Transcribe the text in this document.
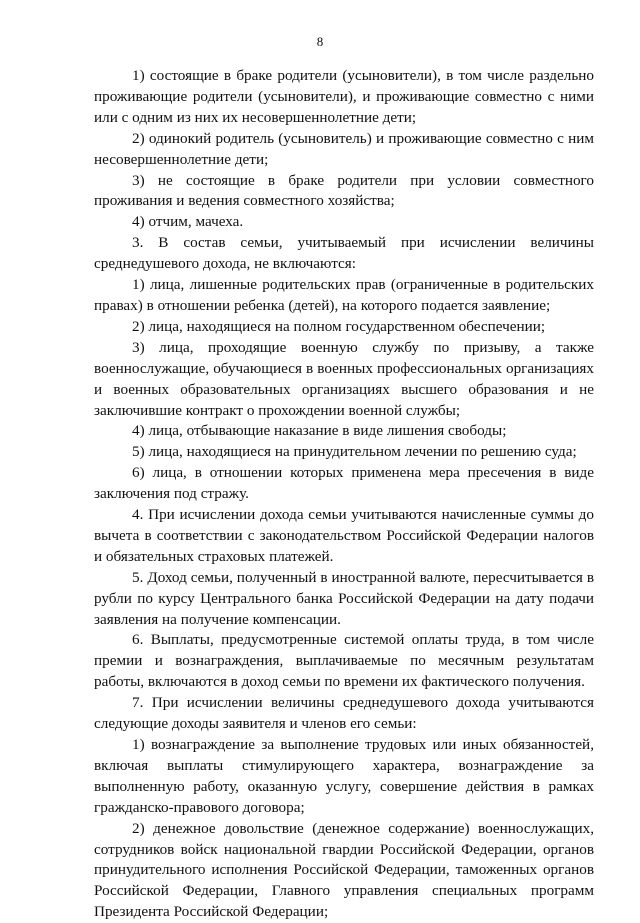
8

1) состоящие в браке родители (усыновители), в том числе раздельно проживающие родители (усыновители), и проживающие совместно с ними или с одним из них их несовершеннолетние дети;

2) одинокий родитель (усыновитель) и проживающие совместно с ним несовершеннолетние дети;

3) не состоящие в браке родители при условии совместного проживания и ведения совместного хозяйства;

4) отчим, мачеха.

3. В состав семьи, учитываемый при исчислении величины среднедушевого дохода, не включаются:

1) лица, лишенные родительских прав (ограниченные в родительских правах) в отношении ребенка (детей), на которого подается заявление;

2) лица, находящиеся на полном государственном обеспечении;

3) лица, проходящие военную службу по призыву, а также военнослужащие, обучающиеся в военных профессиональных организациях и военных образовательных организациях высшего образования и не заключившие контракт о прохождении военной службы;

4) лица, отбывающие наказание в виде лишения свободы;

5) лица, находящиеся на принудительном лечении по решению суда;

6) лица, в отношении которых применена мера пресечения в виде заключения под стражу.

4. При исчислении дохода семьи учитываются начисленные суммы до вычета в соответствии с законодательством Российской Федерации налогов и обязательных страховых платежей.

5. Доход семьи, полученный в иностранной валюте, пересчитывается в рубли по курсу Центрального банка Российской Федерации на дату подачи заявления на получение компенсации.

6. Выплаты, предусмотренные системой оплаты труда, в том числе премии и вознаграждения, выплачиваемые по месячным результатам работы, включаются в доход семьи по времени их фактического получения.

7. При исчислении величины среднедушевого дохода учитываются следующие доходы заявителя и членов его семьи:

1) вознаграждение за выполнение трудовых или иных обязанностей, включая выплаты стимулирующего характера, вознаграждение за выполненную работу, оказанную услугу, совершение действия в рамках гражданско-правового договора;

2) денежное довольствие (денежное содержание) военнослужащих, сотрудников войск национальной гвардии Российской Федерации, органов принудительного исполнения Российской Федерации, таможенных органов Российской Федерации, Главного управления специальных программ Президента Российской Федерации;
